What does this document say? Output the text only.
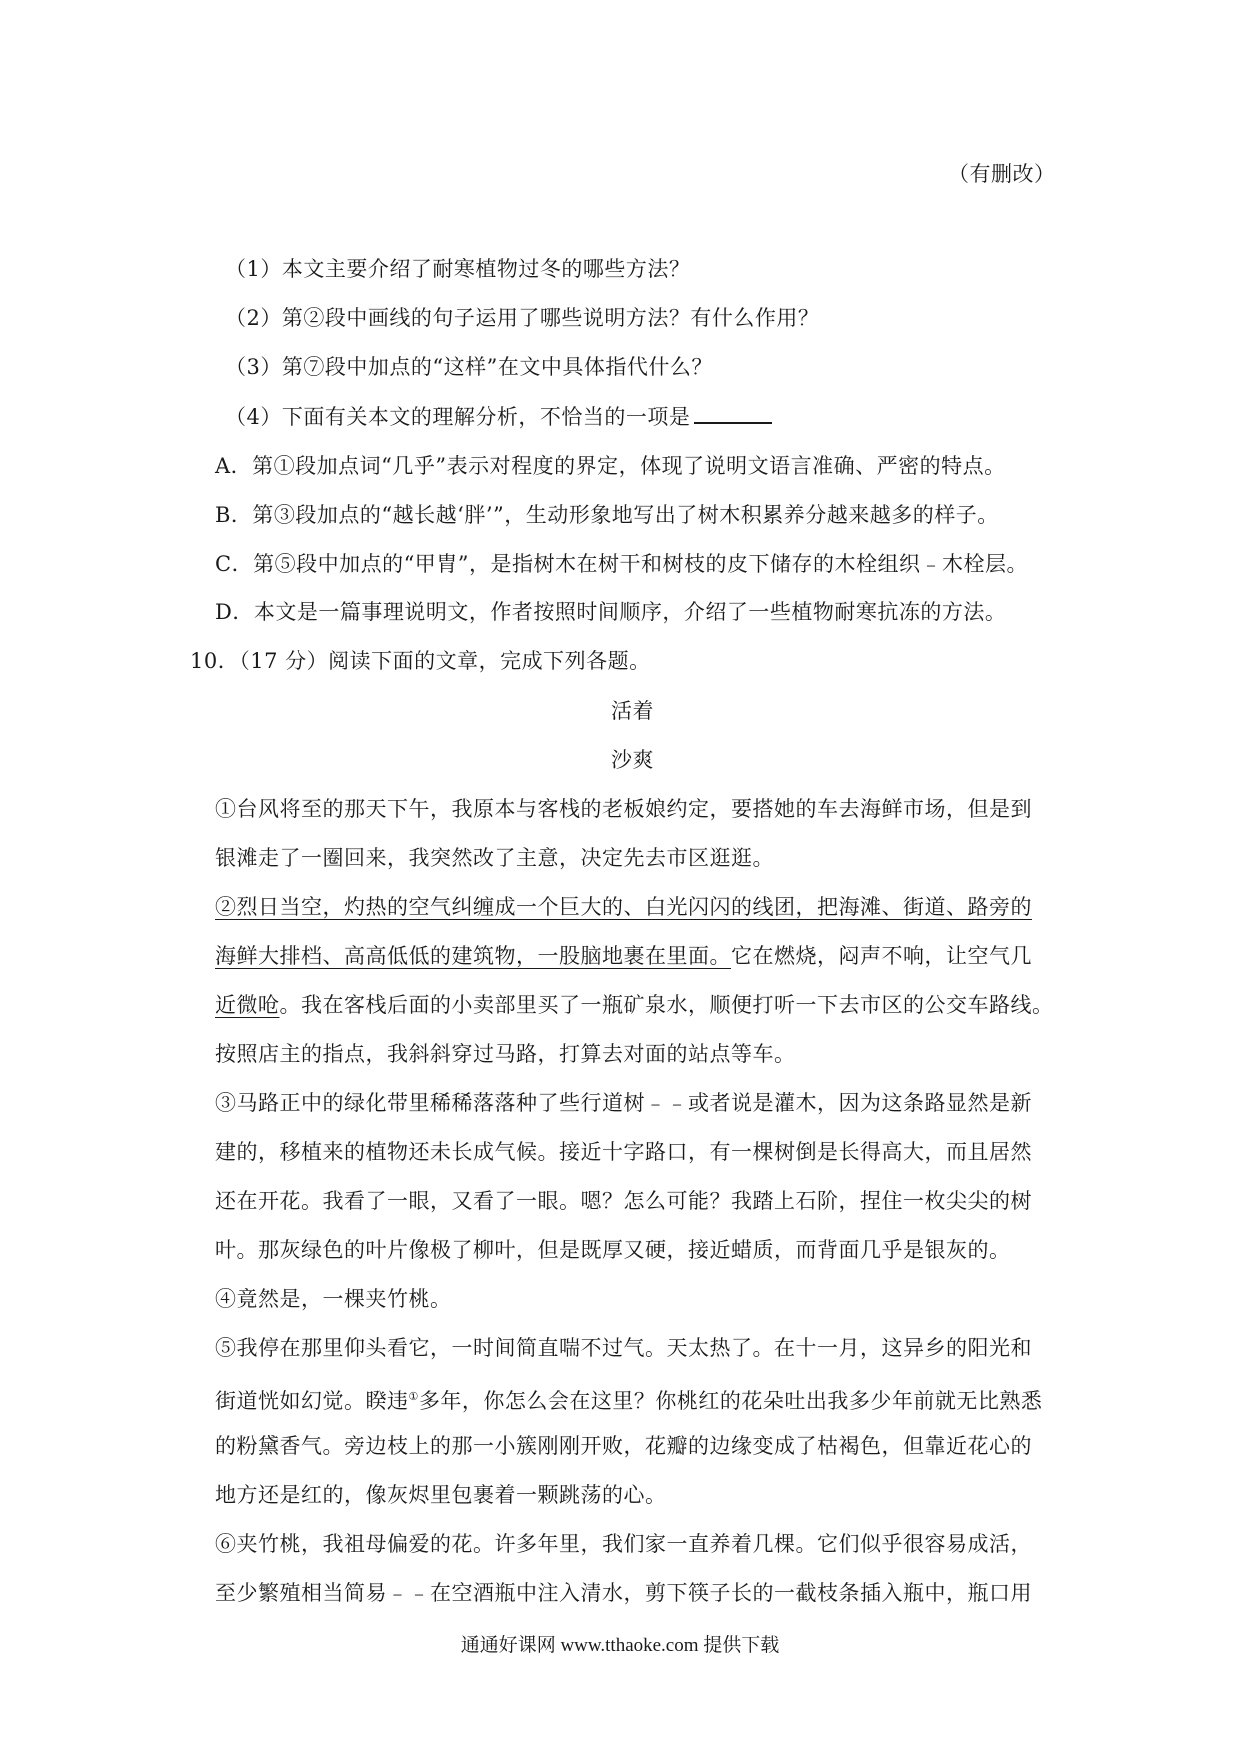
（有删改）
（1）本文主要介绍了耐寒植物过冬的哪些方法？
（2）第②段中画线的句子运用了哪些说明方法？有什么作用？
（3）第⑦段中加点的“这样”在文中具体指代什么？
（4）下面有关本文的理解分析，不恰当的一项是
A．第①段加点词“几乎”表示对程度的界定，体现了说明文语言准确、严密的特点。
B．第③段加点的“越长越‘胖’”，生动形象地写出了树木积累养分越来越多的样子。
C．第⑤段中加点的“甲胄”，是指树木在树干和树枝的皮下储存的木栓组织﹣木栓层。
D．本文是一篇事理说明文，作者按照时间顺序，介绍了一些植物耐寒抗冻的方法。
10．（17 分）阅读下面的文章，完成下列各题。
活着
沙爽
①台风将至的那天下午，我原本与客栈的老板娘约定，要搭她的车去海鲜市场，但是到
银滩走了一圈回来，我突然改了主意，决定先去市区逛逛。
②烈日当空，灼热的空气纠缠成一个巨大的、白光闪闪的线团，把海滩、街道、路旁的
海鲜大排档、高高低低的建筑物，一股脑地裹在里面。它在燃烧，闷声不响，让空气几
近微呛。我在客栈后面的小卖部里买了一瓶矿泉水，顺便打听一下去市区的公交车路线。
按照店主的指点，我斜斜穿过马路，打算去对面的站点等车。
③马路正中的绿化带里稀稀落落种了些行道树﹣﹣或者说是灌木，因为这条路显然是新
建的，移植来的植物还未长成气候。接近十字路口，有一棵树倒是长得高大，而且居然
还在开花。我看了一眼，又看了一眼。嗯？怎么可能？我踏上石阶，捏住一枚尖尖的树
叶。那灰绿色的叶片像极了柳叶，但是既厚又硬，接近蜡质，而背面几乎是银灰的。
④竟然是，一棵夹竹桃。
⑤我停在那里仰头看它，一时间简直喘不过气。天太热了。在十一月，这异乡的阳光和
街道恍如幻觉。睽违①多年，你怎么会在这里？你桃红的花朵吐出我多少年前就无比熟悉
的粉黛香气。旁边枝上的那一小簇刚刚开败，花瓣的边缘变成了枯褐色，但靠近花心的
地方还是红的，像灰烬里包裹着一颗跳荡的心。
⑥夹竹桃，我祖母偏爱的花。许多年里，我们家一直养着几棵。它们似乎很容易成活，
至少繁殖相当简易﹣﹣在空酒瓶中注入清水，剪下筷子长的一截枝条插入瓶中，瓶口用
通通好课网 www.tthaoke.com 提供下载
